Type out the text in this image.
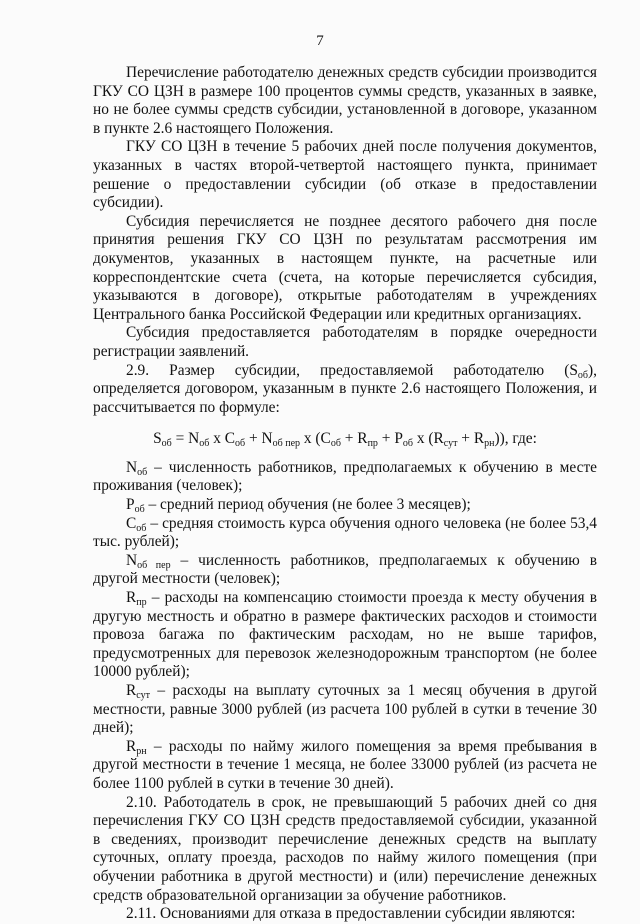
7

Перечисление работодателю денежных средств субсидии производится ГКУ СО ЦЗН в размере 100 процентов суммы средств, указанных в заявке, но не более суммы средств субсидии, установленной в договоре, указанном в пункте 2.6 настоящего Положения.

ГКУ СО ЦЗН в течение 5 рабочих дней после получения документов, указанных в частях второй-четвертой настоящего пункта, принимает решение о предоставлении субсидии (об отказе в предоставлении субсидии).

Субсидия перечисляется не позднее десятого рабочего дня после принятия решения ГКУ СО ЦЗН по результатам рассмотрения им документов, указанных в настоящем пункте, на расчетные или корреспондентские счета (счета, на которые перечисляется субсидия, указываются в договоре), открытые работодателям в учреждениях Центрального банка Российской Федерации или кредитных организациях.

Субсидия предоставляется работодателям в порядке очередности регистрации заявлений.

2.9. Размер субсидии, предоставляемой работодателю $(S_{об})$, определяется договором, указанным в пункте 2.6 настоящего Положения, и рассчитывается по формуле:

$S_{об} = N_{об}$ x $C_{об} + N_{об пер}$ x ($C_{об} + R_{пр} + P_{об}$ x $(R_{сут} + R_{рн})$), где:

$N_{об}$ – численность работников, предполагаемых к обучению в месте проживания (человек);

$P_{об}$ – средний период обучения (не более 3 месяцев);

$C_{об}$ – средняя стоимость курса обучения одного человека (не более 53,4 тыс. рублей);

$N_{об пер}$ – численность работников, предполагаемых к обучению в другой местности (человек);

$R_{пр}$ – расходы на компенсацию стоимости проезда к месту обучения в другую местность и обратно в размере фактических расходов и стоимости провоза багажа по фактическим расходам, но не выше тарифов, предусмотренных для перевозок железнодорожным транспортом (не более 10000 рублей);

$R_{сут}$ – расходы на выплату суточных за 1 месяц обучения в другой местности, равные 3000 рублей (из расчета 100 рублей в сутки в течение 30 дней);

$R_{рн}$ – расходы по найму жилого помещения за время пребывания в другой местности в течение 1 месяца, не более 33000 рублей (из расчета не более 1100 рублей в сутки в течение 30 дней).

2.10. Работодатель в срок, не превышающий 5 рабочих дней со дня перечисления ГКУ СО ЦЗН средств предоставляемой субсидии, указанной в сведениях, производит перечисление денежных средств на выплату суточных, оплату проезда, расходов по найму жилого помещения (при обучении работника в другой местности) и (или) перечисление денежных средств образовательной организации за обучение работников.

2.11. Основаниями для отказа в предоставлении субсидии являются:
